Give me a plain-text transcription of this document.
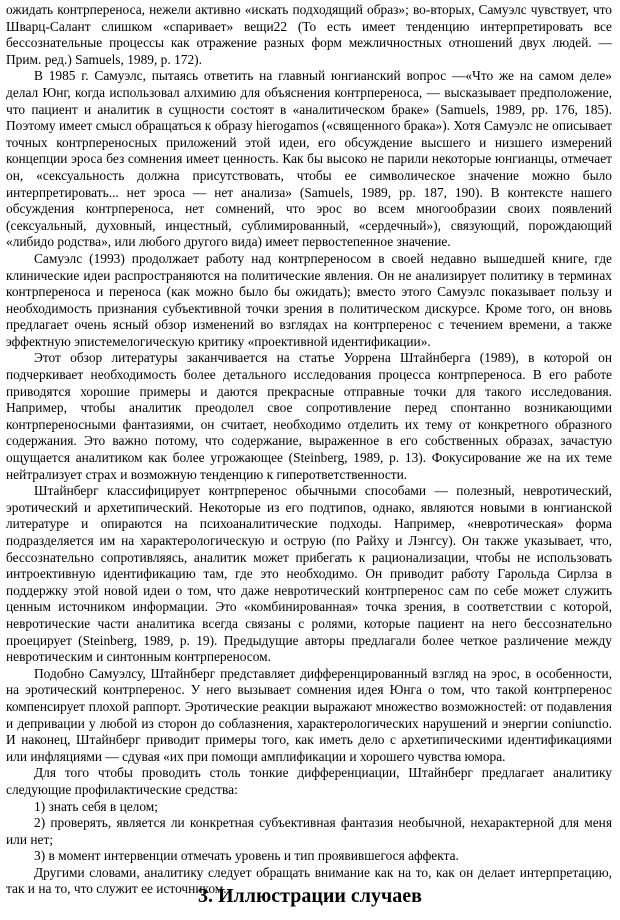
ожидать контрпереноса, нежели активно «искать подходящий образ»; во-вторых, Самуэлс чувствует, что Шварц-Салант слишком «спаривает» вещи22 (То есть имеет тенденцию интерпретировать все бессознательные процессы как отражение разных форм межличностных отношений двух людей. — Прим. ред.) Samuels, 1989, p. 172).

В 1985 г. Самуэлс, пытаясь ответить на главный юнгианский вопрос —«Что же на самом деле» делал Юнг, когда использовал алхимию для объяснения контрпереноса, — высказывает предположение, что пациент и аналитик в сущности состоят в «аналитическом браке» (Samuels, 1989, pp. 176, 185). Поэтому имеет смысл обращаться к образу hierogamos («священного брака»). Хотя Самуэлс не описывает точных контрпереносных приложений этой идеи, его обсуждение высшего и низшего измерений концепции эроса без сомнения имеет ценность. Как бы высоко не парили некоторые юнгианцы, отмечает он, «сексуальность должна присутствовать, чтобы ее символическое значение можно было интерпретировать... нет эроса — нет анализа» (Samuels, 1989, pp. 187, 190). В контексте нашего обсуждения контрпереноса, нет сомнений, что эрос во всем многообразии своих появлений (сексуальный, духовный, инцестный, сублимированный, «сердечный»), связующий, порождающий «либидо родства», или любого другого вида) имеет первостепенное значение.

Самуэлс (1993) продолжает работу над контрпереносом в своей недавно вышедшей книге, где клинические идеи распространяются на политические явления. Он не анализирует политику в терминах контрпереноса и переноса (как можно было бы ожидать); вместо этого Самуэлс показывает пользу и необходимость признания субъективной точки зрения в политическом дискурсе. Кроме того, он вновь предлагает очень ясный обзор изменений во взглядах на контрперенос с течением времени, а также эффектную эпистемелогическую критику «проективной идентификации».

Этот обзор литературы заканчивается на статье Уоррена Штайнберга (1989), в которой он подчеркивает необходимость более детального исследования процесса контрпереноса. В его работе приводятся хорошие примеры и даются прекрасные отправные точки для такого исследования. Например, чтобы аналитик преодолел свое сопротивление перед спонтанно возникающими контрпереносными фантазиями, он считает, необходимо отделить их тему от конкретного образного содержания. Это важно потому, что содержание, выраженное в его собственных образах, зачастую ощущается аналитиком как более угрожающее (Steinberg, 1989, p. 13). Фокусирование же на их теме нейтрализует страх и возможную тенденцию к гиперответственности.

Штайнберг классифицирует контрперенос обычными способами — полезный, невротический, эротический и архетипический. Некоторые из его подтипов, однако, являются новыми в юнгианской литературе и опираются на психоаналитические подходы. Например, «невротическая» форма подразделяется им на характерологическую и острую (по Райху и Лэнгсу). Он также указывает, что, бессознательно сопротивляясь, аналитик может прибегать к рационализации, чтобы не использовать интроективную идентификацию там, где это необходимо. Он приводит работу Гарольда Сирлза в поддержку этой новой идеи о том, что даже невротический контрперенос сам по себе может служить ценным источником информации. Это «комбинированная» точка зрения, в соответствии с которой, невротические части аналитика всегда связаны с ролями, которые пациент на него бессознательно проецирует (Steinberg, 1989, p. 19). Предыдущие авторы предлагали более четкое различение между невротическим и синтонным контрпереносом.

Подобно Самуэлсу, Штайнберг представляет дифференцированный взгляд на эрос, в особенности, на эротический контрперенос. У него вызывает сомнения идея Юнга о том, что такой контрперенос компенсирует плохой раппорт. Эротические реакции выражают множество возможностей: от подавления и депривации у любой из сторон до соблазнения, характерологических нарушений и энергии coniunctio. И наконец, Штайнберг приводит примеры того, как иметь дело с архетипическими идентификациями или инфляциями — сдувая «их при помощи амплификации и хорошего чувства юмора.

Для того чтобы проводить столь тонкие дифференциации, Штайнберг предлагает аналитику следующие профилактические средства:

1) знать себя в целом;

2) проверять, является ли конкретная субъективная фантазия необычной, нехарактерной для меня или нет;

3) в момент интервенции отмечать уровень и тип проявившегося аффекта.

Другими словами, аналитику следует обращать внимание как на то, как он делает интерпретацию, так и на то, что служит ее источником.

3. Иллюстрации случаев
